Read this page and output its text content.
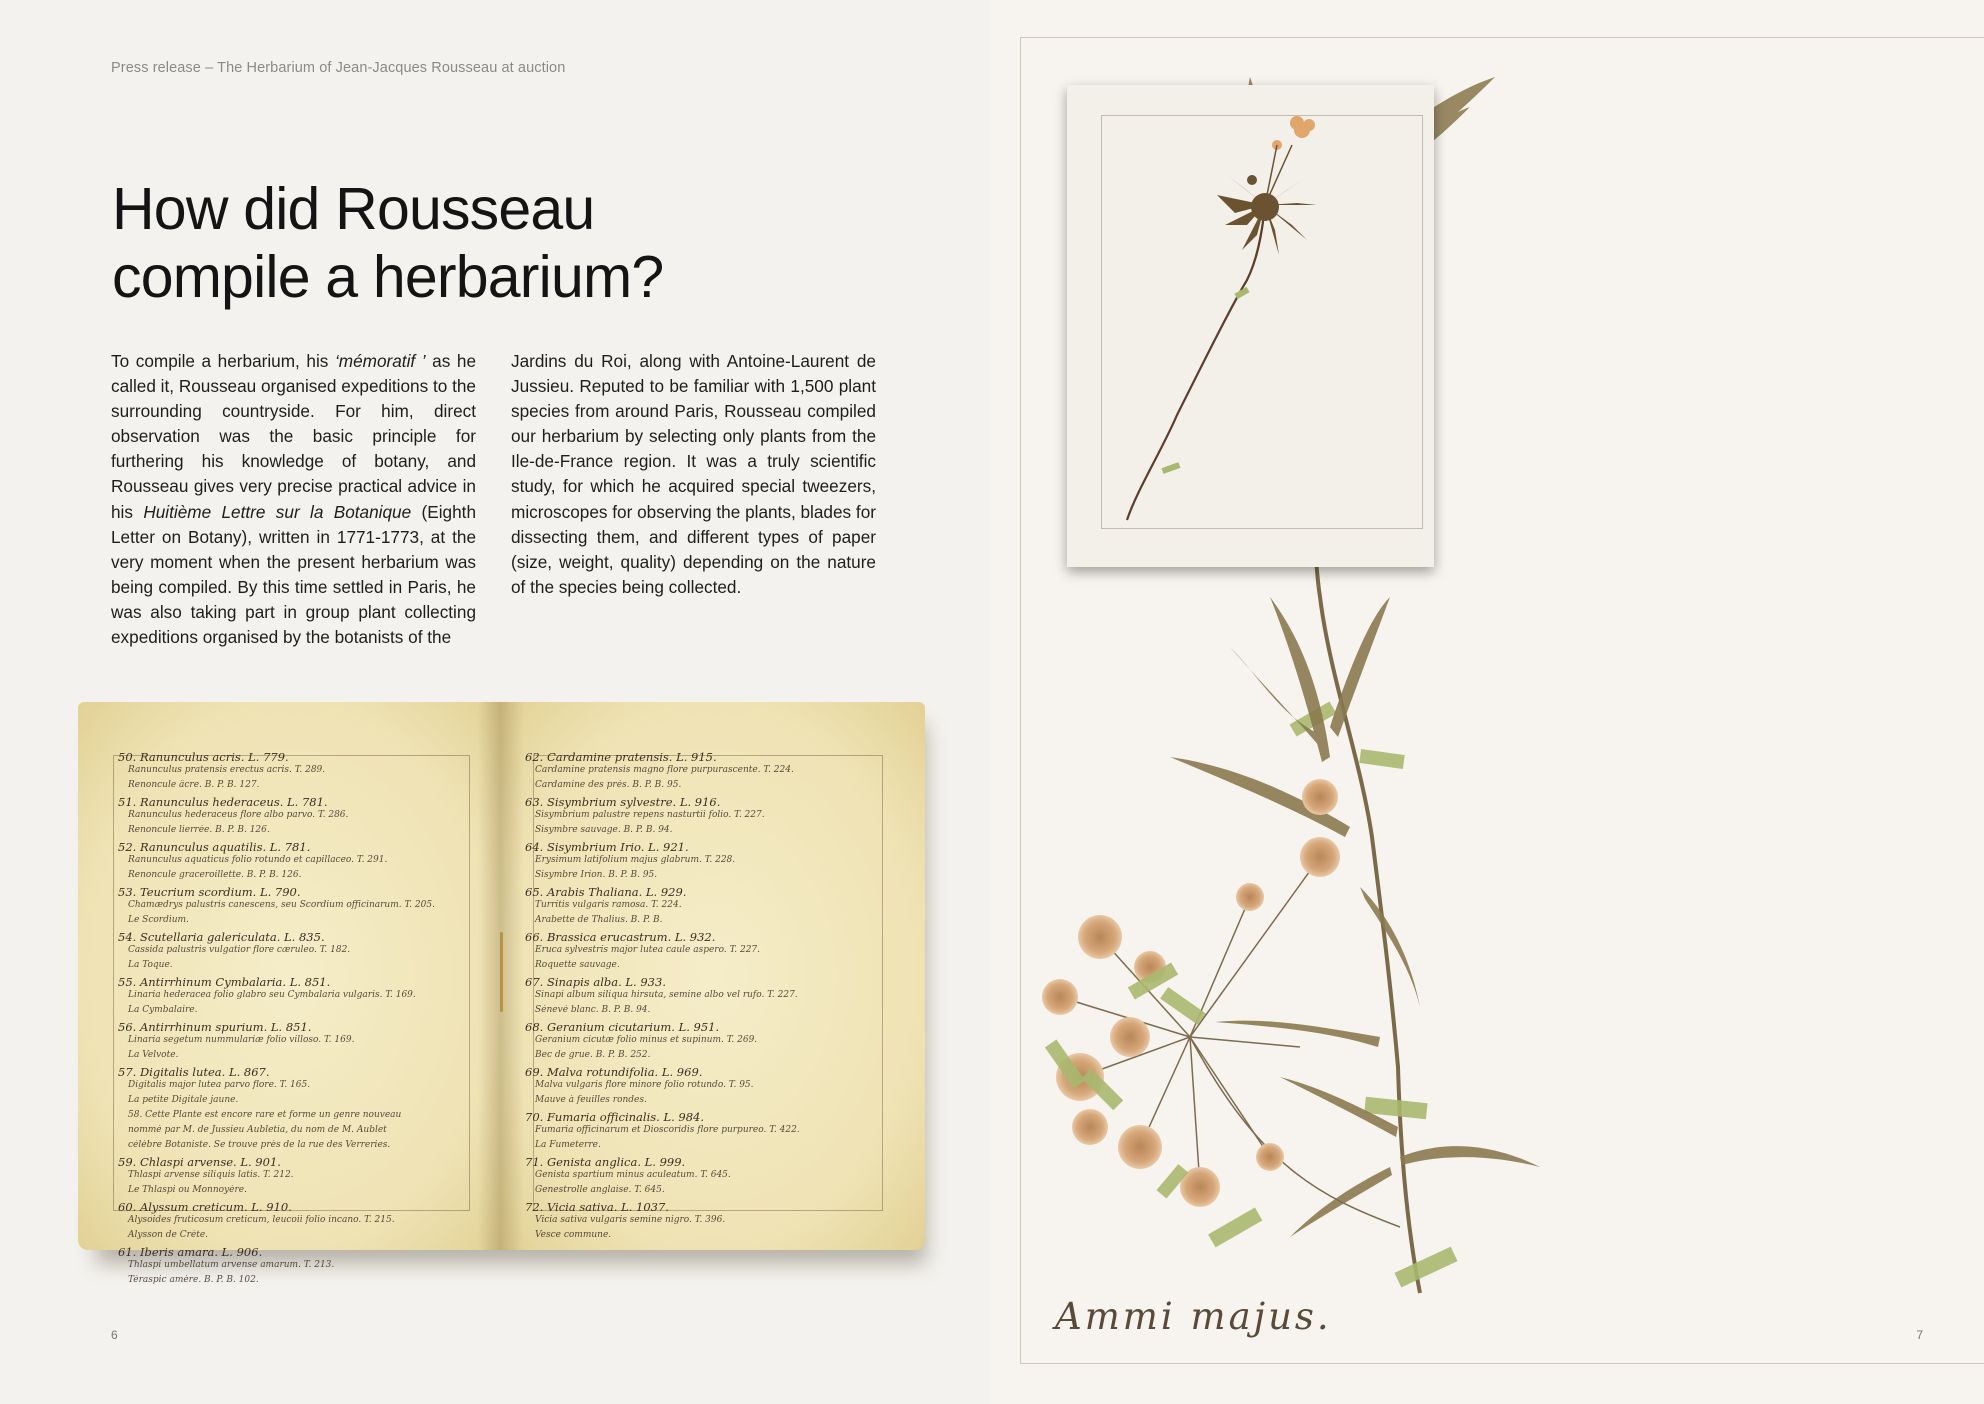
Press release – The Herbarium of Jean-Jacques Rousseau at auction
How did Rousseau
compile a herbarium?

To compile a herbarium, his ‘mémoratif ’ as he called it, Rousseau organised expeditions to the surrounding countryside. For him, direct observation was the basic principle for furthering his knowledge of botany, and Rousseau gives very precise practical advice in his Huitième Lettre sur la Botanique (Eighth Letter on Botany), written in 1771-1773, at the very moment when the present herbarium was being compiled. By this time settled in Paris, he was also taking part in group plant collecting expeditions organised by the botanists of the

Jardins du Roi, along with Antoine-Laurent de Jussieu. Reputed to be familiar with 1,500 plant species from around Paris, Rousseau compiled our herbarium by selecting only plants from the Ile-de-France region. It was a truly scientific study, for which he acquired special tweezers, microscopes for observing the plants, blades for dissecting them, and different types of paper (size, weight, quality) depending on the nature of the species being collected.

50. Ranunculus acris. L. 779.
Ranunculus pratensis erectus acris. T. 289.
Renoncule âcre. B. P. B. 127.
51. Ranunculus hederaceus. L. 781.
Ranunculus hederaceus flore albo parvo. T. 286.
Renoncule lierrée. B. P. B. 126.
52. Ranunculus aquatilis. L. 781.
Ranunculus aquaticus folio rotundo et capillaceo. T. 291.
Renoncule graceroillette. B. P. B. 126.
53. Teucrium scordium. L. 790.
Chamædrys palustris canescens, seu Scordium officinarum. T. 205.
Le Scordium.
54. Scutellaria galericulata. L. 835.
Cassida palustris vulgatior flore cæruleo. T. 182.
La Toque.
55. Antirrhinum Cymbalaria. L. 851.
Linaria hederacea folio glabro seu Cymbalaria vulgaris. T. 169.
La Cymbalaire.
56. Antirrhinum spurium. L. 851.
Linaria segetum nummulariæ folio villoso. T. 169.
La Velvote.
57. Digitalis lutea. L. 867.
Digitalis major lutea parvo flore. T. 165.
La petite Digitale jaune.
58. Cette Plante est encore rare et forme un genre nouveau
nommé par M. de Jussieu Aubletia, du nom de M. Aublet
célèbre Botaniste. Se trouve près de la rue des Verreries.
59. Chlaspi arvense. L. 901.
Thlaspi arvense siliquis latis. T. 212.
Le Thlaspi ou Monnoyère.
60. Alyssum creticum. L. 910.
Alysoides fruticosum creticum, leucoii folio incano. T. 215.
Alysson de Crète.
61. Iberis amara. L. 906.
Thlaspi umbellatum arvense amarum. T. 213.
Téraspic amère. B. P. B. 102.
62. Cardamine pratensis. L. 915.
Cardamine pratensis magno flore purpurascente. T. 224.
Cardamine des prés. B. P. B. 95.
63. Sisymbrium sylvestre. L. 916.
Sisymbrium palustre repens nasturtii folio. T. 227.
Sisymbre sauvage. B. P. B. 94.
64. Sisymbrium Irio. L. 921.
Erysimum latifolium majus glabrum. T. 228.
Sisymbre Irion. B. P. B. 95.
65. Arabis Thaliana. L. 929.
Turritis vulgaris ramosa. T. 224.
Arabette de Thalius. B. P. B.
66. Brassica erucastrum. L. 932.
Eruca sylvestris major lutea caule aspero. T. 227.
Roquette sauvage.
67. Sinapis alba. L. 933.
Sinapi album siliqua hirsuta, semine albo vel rufo. T. 227.
Sénevé blanc. B. P. B. 94.
68. Geranium cicutarium. L. 951.
Geranium cicutæ folio minus et supinum. T. 269.
Bec de grue. B. P. B. 252.
69. Malva rotundifolia. L. 969.
Malva vulgaris flore minore folio rotundo. T. 95.
Mauve à feuilles rondes.
70. Fumaria officinalis. L. 984.
Fumaria officinarum et Dioscoridis flore purpureo. T. 422.
La Fumeterre.
71. Genista anglica. L. 999.
Genista spartium minus aculeatum. T. 645.
Genestrolle anglaise. T. 645.
72. Vicia sativa. L. 1037.
Vicia sativa vulgaris semine nigro. T. 396.
Vesce commune.
6	Ammi majus.	7
